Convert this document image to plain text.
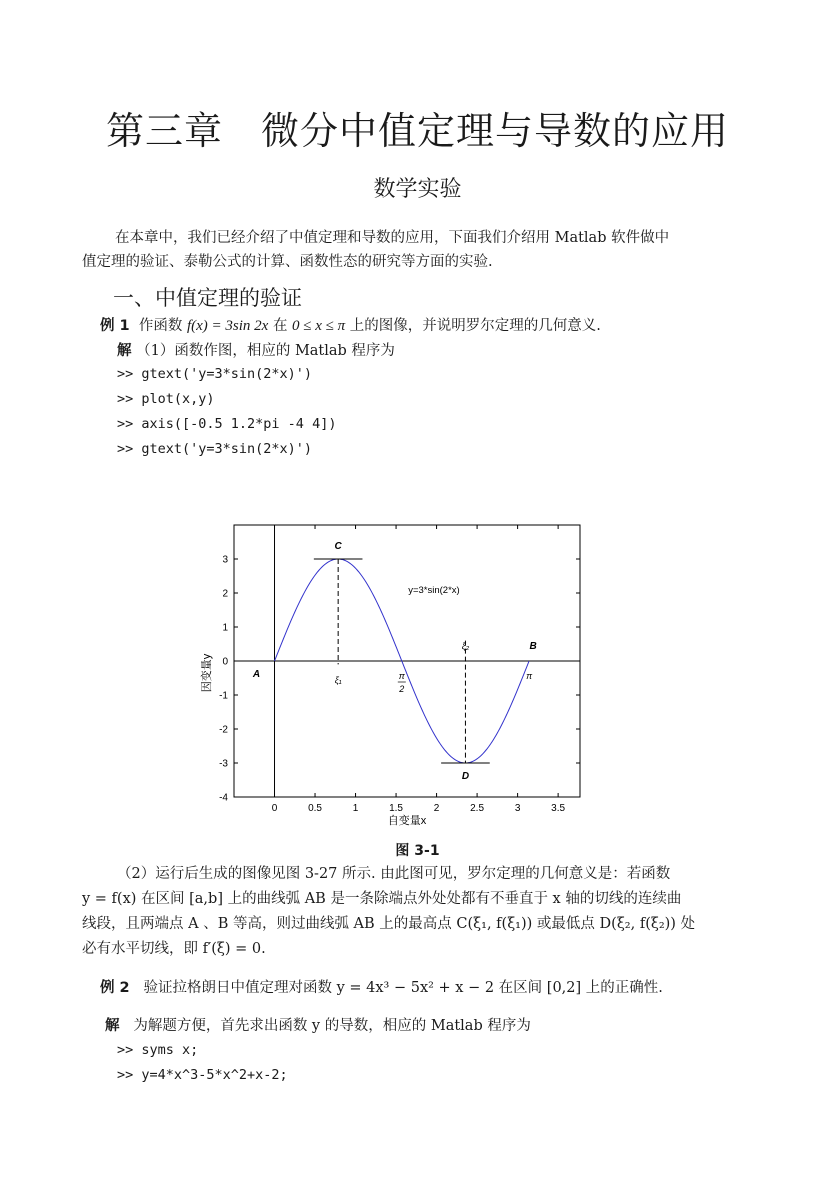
第三章 微分中值定理与导数的应用
数学实验
在本章中，我们已经介绍了中值定理和导数的应用，下面我们介绍用 Matlab 软件做中
值定理的验证、泰勒公式的计算、函数性态的研究等方面的实验.
一、中值定理的验证
例 1 作函数 f(x) = 3sin 2x 在 0 ≤ x ≤ π 上的图像，并说明罗尔定理的几何意义.
解 （1）函数作图，相应的 Matlab 程序为
>> gtext('y=3*sin(2*x)')
>> plot(x,y)
>> axis([-0.5 1.2*pi -4 4])
>> gtext('y=3*sin(2*x)')
0	0.5	1	1.5	2	2.5	3	3.5
-4
-3
-2
-1
0
1
2
3
自变量x
因变量y
y=3*sin(2*x)
C
D
A
B
ξ₁
ξ₂
π
2
π
图 3-1
（2）运行后生成的图像见图 3-27 所示. 由此图可见，罗尔定理的几何意义是：若函数
y = f(x) 在区间 [a,b] 上的曲线弧 AB 是一条除端点外处处都有不垂直于 x 轴的切线的连续曲
线段，且两端点 A 、B 等高，则过曲线弧 AB 上的最高点 C(ξ₁, f(ξ₁)) 或最低点 D(ξ₂, f(ξ₂)) 处
必有水平切线，即 f′(ξ) = 0.
例 2 验证拉格朗日中值定理对函数 y = 4x³ − 5x² + x − 2 在区间 [0,2] 上的正确性.
解 为解题方便，首先求出函数 y 的导数，相应的 Matlab 程序为
>> syms x;
>> y=4*x^3-5*x^2+x-2;
